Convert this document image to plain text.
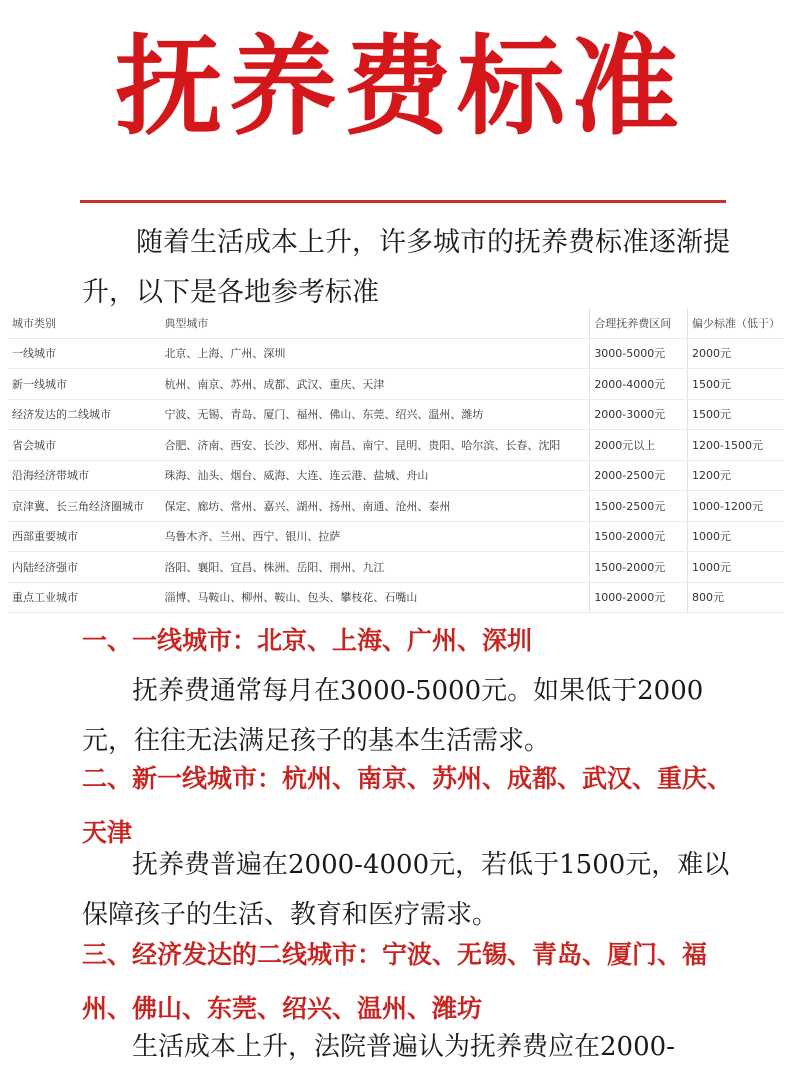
抚养费标准
随着生活成本上升，许多城市的抚养费标准逐渐提升，以下是各地参考标准
城市类别	典型城市	合理抚养费区间	偏少标准（低于）
一线城市	北京、上海、广州、深圳	3000-5000元	2000元
新一线城市	杭州、南京、苏州、成都、武汉、重庆、天津	2000-4000元	1500元
经济发达的二线城市	宁波、无锡、青岛、厦门、福州、佛山、东莞、绍兴、温州、潍坊	2000-3000元	1500元
省会城市	合肥、济南、西安、长沙、郑州、南昌、南宁、昆明、贵阳、哈尔滨、长春、沈阳	2000元以上	1200-1500元
沿海经济带城市	珠海、汕头、烟台、威海、大连、连云港、盐城、舟山	2000-2500元	1200元
京津冀、长三角经济圈城市	保定、廊坊、常州、嘉兴、湖州、扬州、南通、沧州、泰州	1500-2500元	1000-1200元
西部重要城市	乌鲁木齐、兰州、西宁、银川、拉萨	1500-2000元	1000元
内陆经济强市	洛阳、襄阳、宜昌、株洲、岳阳、荆州、九江	1500-2000元	1000元
重点工业城市	淄博、马鞍山、柳州、鞍山、包头、攀枝花、石嘴山	1000-2000元	800元
一、一线城市：北京、上海、广州、深圳
抚养费通常每月在3000-5000元。如果低于2000元，往往无法满足孩子的基本生活需求。
二、新一线城市：杭州、南京、苏州、成都、武汉、重庆、天津
抚养费普遍在2000-4000元，若低于1500元，难以保障孩子的生活、教育和医疗需求。
三、经济发达的二线城市：宁波、无锡、青岛、厦门、福州、佛山、东莞、绍兴、温州、潍坊
生活成本上升，法院普遍认为抚养费应在2000-
